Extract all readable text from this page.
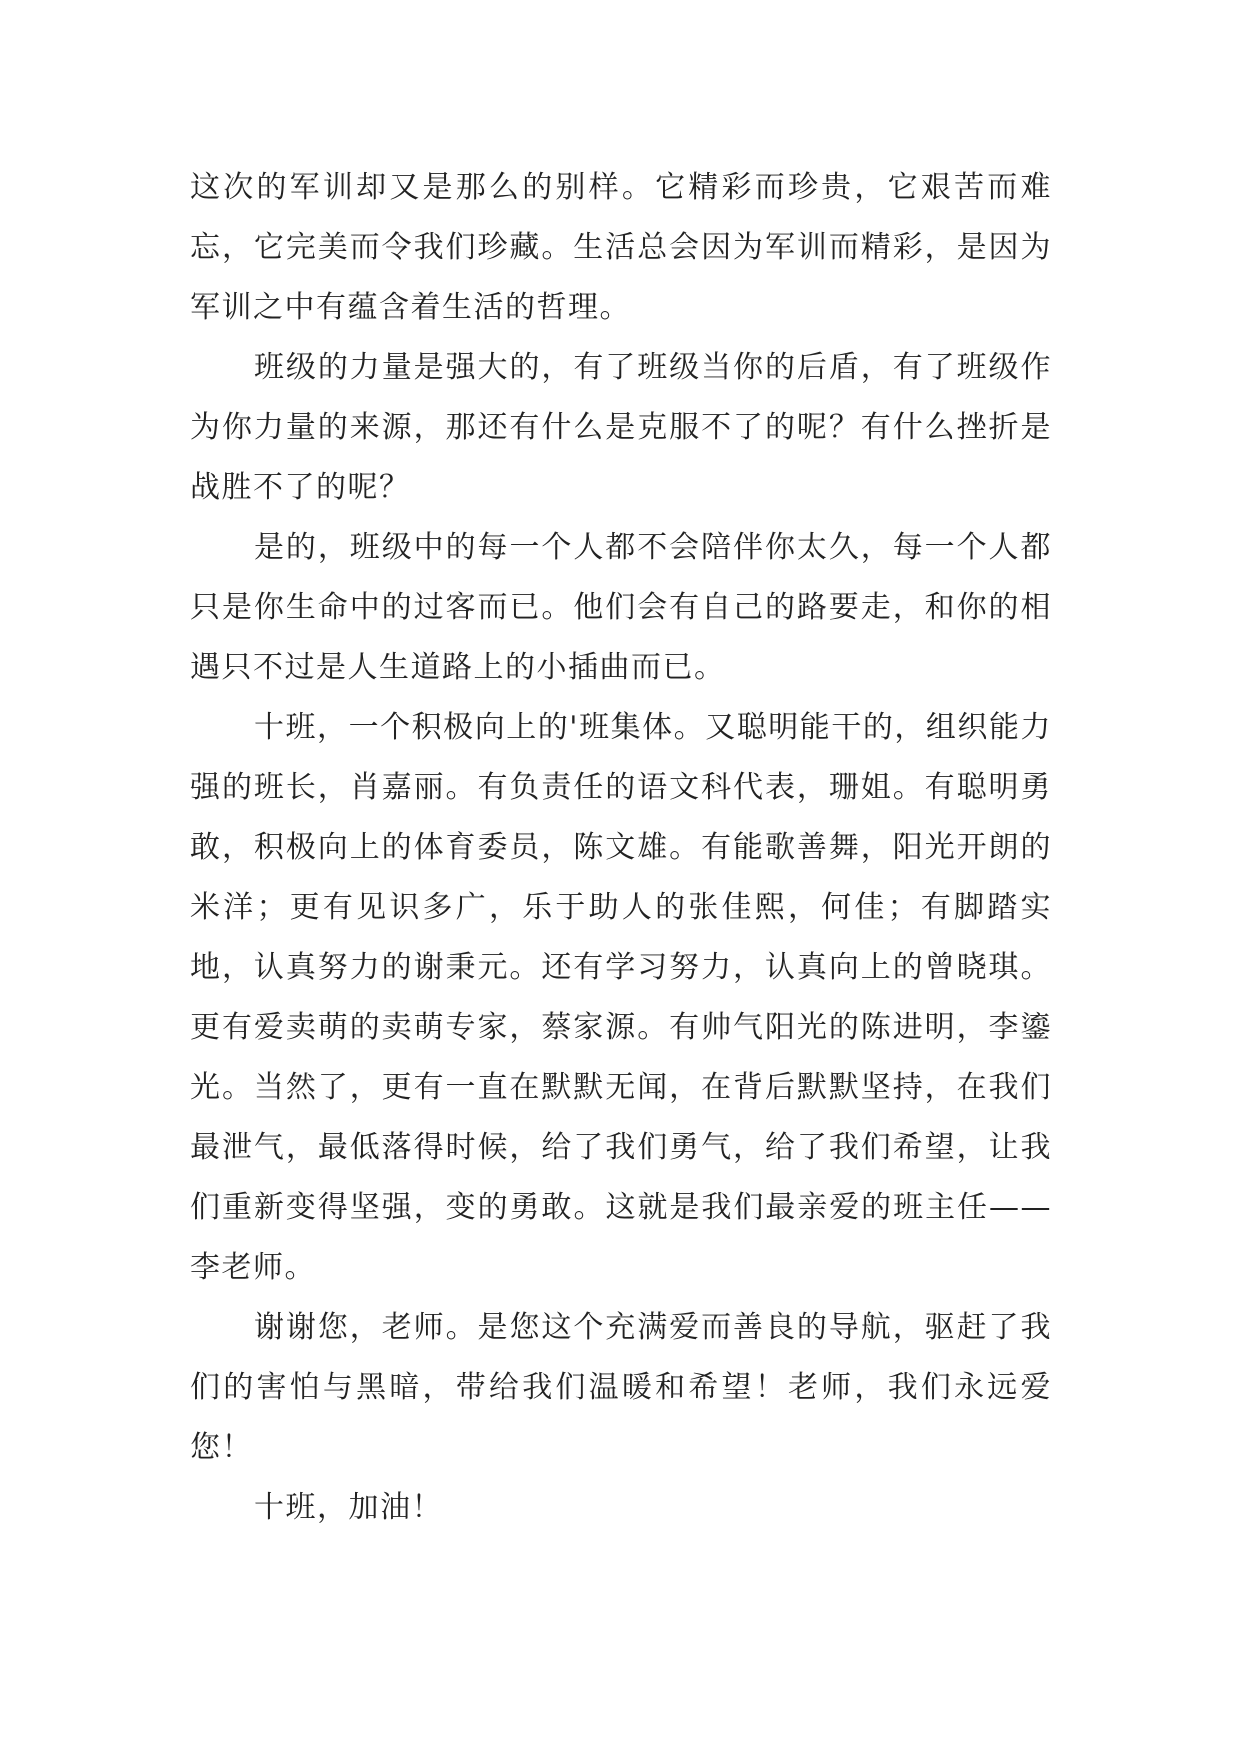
这次的军训却又是那么的别样。它精彩而珍贵，它艰苦而难忘，它完美而令我们珍藏。生活总会因为军训而精彩，是因为军训之中有蕴含着生活的哲理。

班级的力量是强大的，有了班级当你的后盾，有了班级作为你力量的来源，那还有什么是克服不了的呢？有什么挫折是战胜不了的呢？

是的，班级中的每一个人都不会陪伴你太久，每一个人都只是你生命中的过客而已。他们会有自己的路要走，和你的相遇只不过是人生道路上的小插曲而已。

十班，一个积极向上的'班集体。又聪明能干的，组织能力强的班长，肖嘉丽。有负责任的语文科代表，珊姐。有聪明勇敢，积极向上的体育委员，陈文雄。有能歌善舞，阳光开朗的米洋；更有见识多广，乐于助人的张佳熙，何佳；有脚踏实地，认真努力的谢秉元。还有学习努力，认真向上的曾晓琪。更有爱卖萌的卖萌专家，蔡家源。有帅气阳光的陈进明，李鎏光。当然了，更有一直在默默无闻，在背后默默坚持，在我们最泄气，最低落得时候，给了我们勇气，给了我们希望，让我们重新变得坚强，变的勇敢。这就是我们最亲爱的班主任——李老师。

谢谢您，老师。是您这个充满爱而善良的导航，驱赶了我们的害怕与黑暗，带给我们温暖和希望！老师，我们永远爱您！

十班，加油！
